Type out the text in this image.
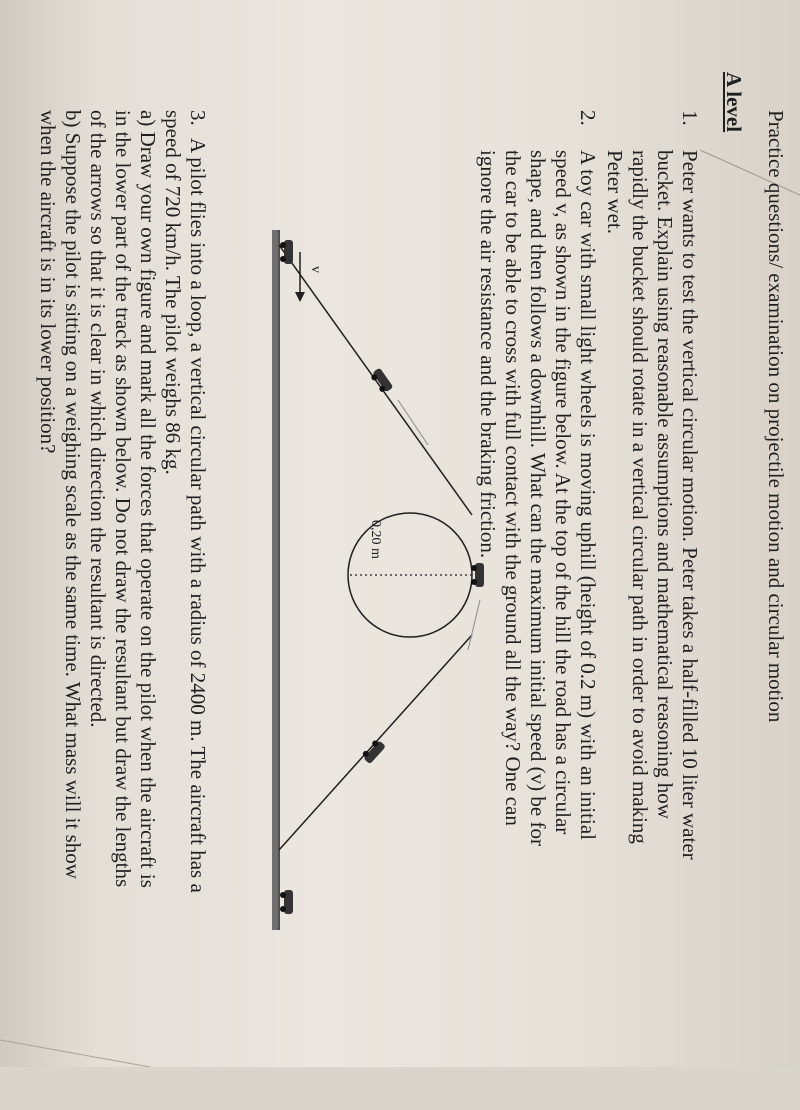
Practice questions/ examination on projectile motion and circular motion
A level
1.
Peter wants to test the vertical circular motion. Peter takes a half-filled 10 liter water
bucket. Explain using reasonable assumptions and mathematical reasoning how
rapidly the bucket should rotate in a vertical circular path in order to avoid making
Peter wet.
2.
A toy car with small light wheels is moving uphill (height of 0.2 m) with an initial
speed v, as shown in the figure below. At the top of the hill the road has a circular
shape, and then follows a downhill. What can the maximum initial speed (v) be for
the car to be able to cross with full contact with the ground all the way? One can
ignore the air resistance and the braking friction.
0,20 m
v
3.
A pilot flies into a loop, a vertical circular path with a radius of 2400 m. The aircraft has a
speed of 720 km/h. The pilot weighs 86 kg.
a) Draw your own figure and mark all the forces that operate on the pilot when the aircraft is
in the lower part of the track as shown below. Do not draw the resultant but draw the lengths
of the arrows so that it is clear in which direction the resultant is directed.
b) Suppose the pilot is sitting on a weighing scale as the same time. What mass will it show
when the aircraft is in its lower position?
